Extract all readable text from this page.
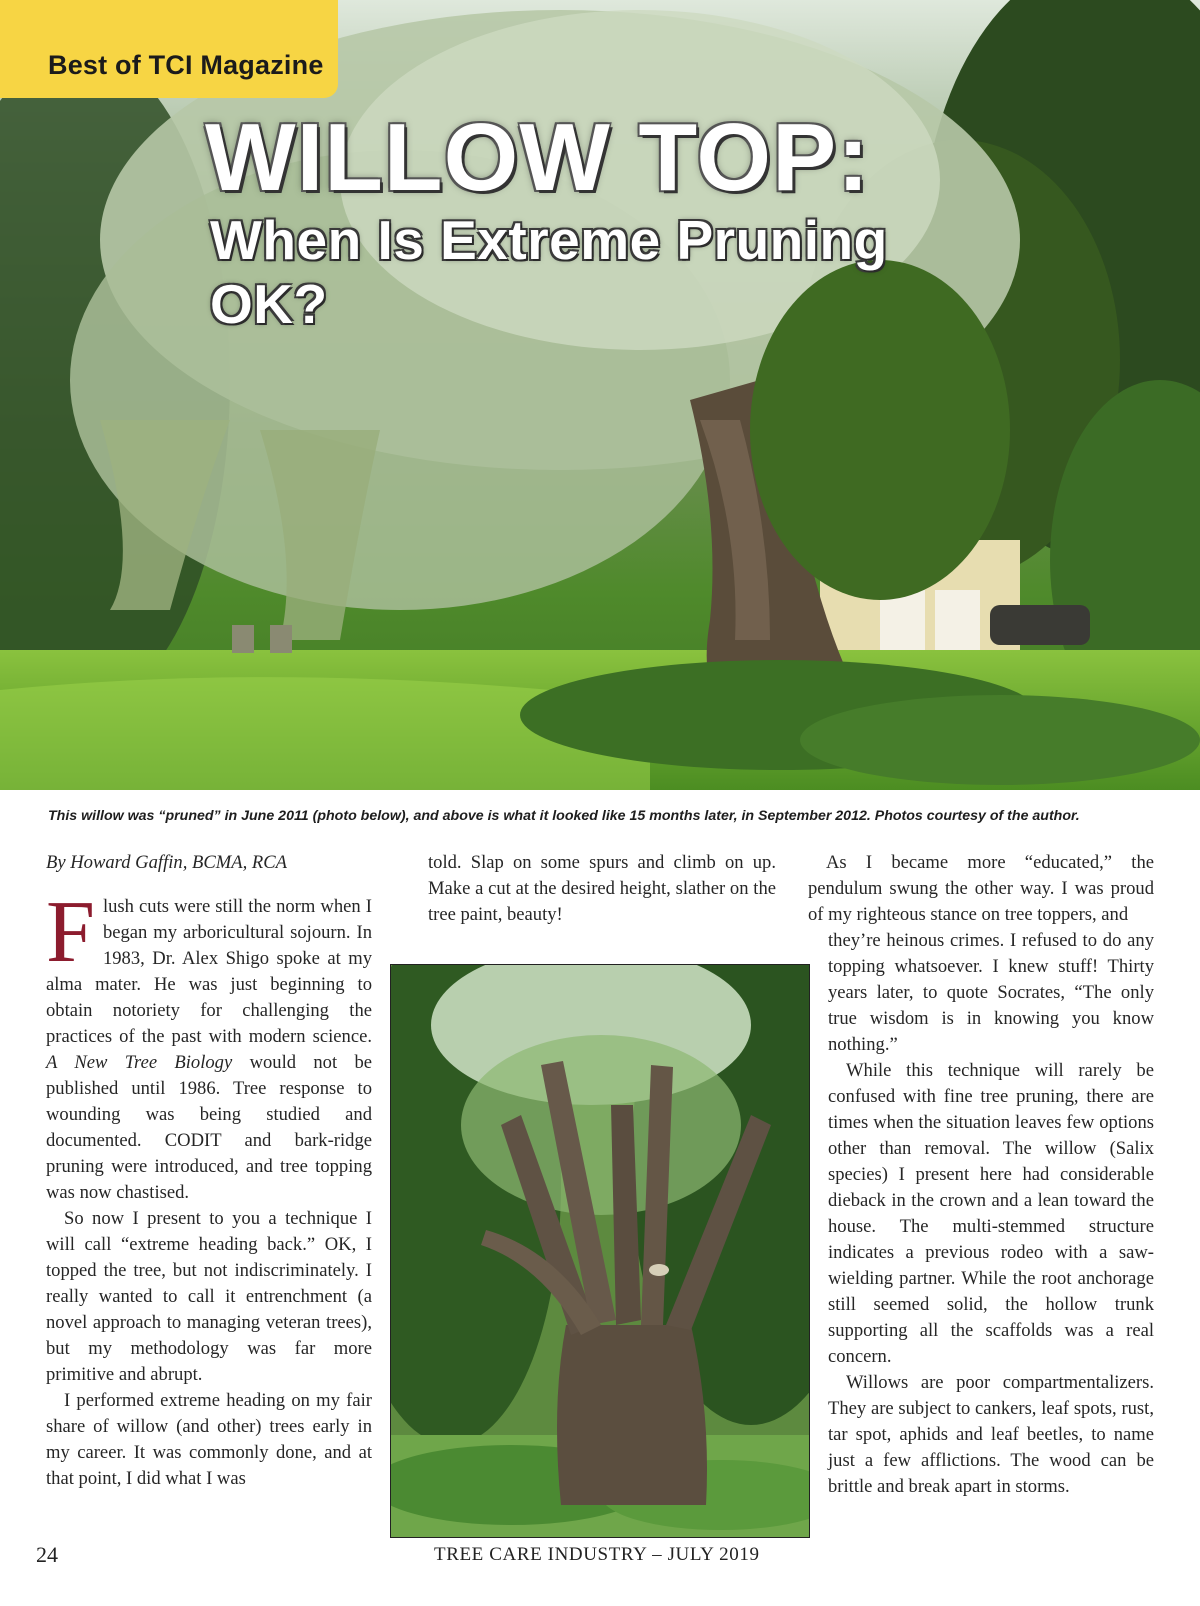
Best of TCI Magazine
WILLOW TOP:
When Is Extreme Pruning OK?
This willow was “pruned” in June 2011 (photo below), and above is what it looked like 15 months later, in September 2012. Photos courtesy of the author.

By Howard Gaffin, BCMA, RCA

Flush cuts were still the norm when I began my arboricultural sojourn. In 1983, Dr. Alex Shigo spoke at my alma mater. He was just beginning to obtain notoriety for challenging the practices of the past with modern science. A New Tree Biology would not be published until 1986. Tree response to wounding was being studied and documented. CODIT and bark-ridge pruning were introduced, and tree topping was now chastised.

So now I present to you a technique I will call “extreme heading back.” OK, I topped the tree, but not indiscriminately. I really wanted to call it entrenchment (a novel approach to managing veteran trees), but my methodology was far more primitive and abrupt.

I performed extreme heading on my fair share of willow (and other) trees early in my career. It was commonly done, and at that point, I did what I was

told. Slap on some spurs and climb on up. Make a cut at the desired height, slather on the tree paint, beauty!

As I became more “educated,” the pendulum swung the other way. I was proud of my righteous stance on tree toppers, and

they’re heinous crimes. I refused to do any topping whatsoever. I knew stuff! Thirty years later, to quote Socrates, “The only true wisdom is in knowing you know nothing.”

While this technique will rarely be confused with fine tree pruning, there are times when the situation leaves few options other than removal. The willow (Salix species) I present here had considerable dieback in the crown and a lean toward the house. The multi-stemmed structure indicates a previous rodeo with a saw-wielding partner. While the root anchorage still seemed solid, the hollow trunk supporting all the scaffolds was a real concern.

Willows are poor compartmentalizers. They are subject to cankers, leaf spots, rust, tar spot, aphids and leaf beetles, to name just a few afflictions. The wood can be brittle and break apart in storms.

24	TREE CARE INDUSTRY – JULY 2019
